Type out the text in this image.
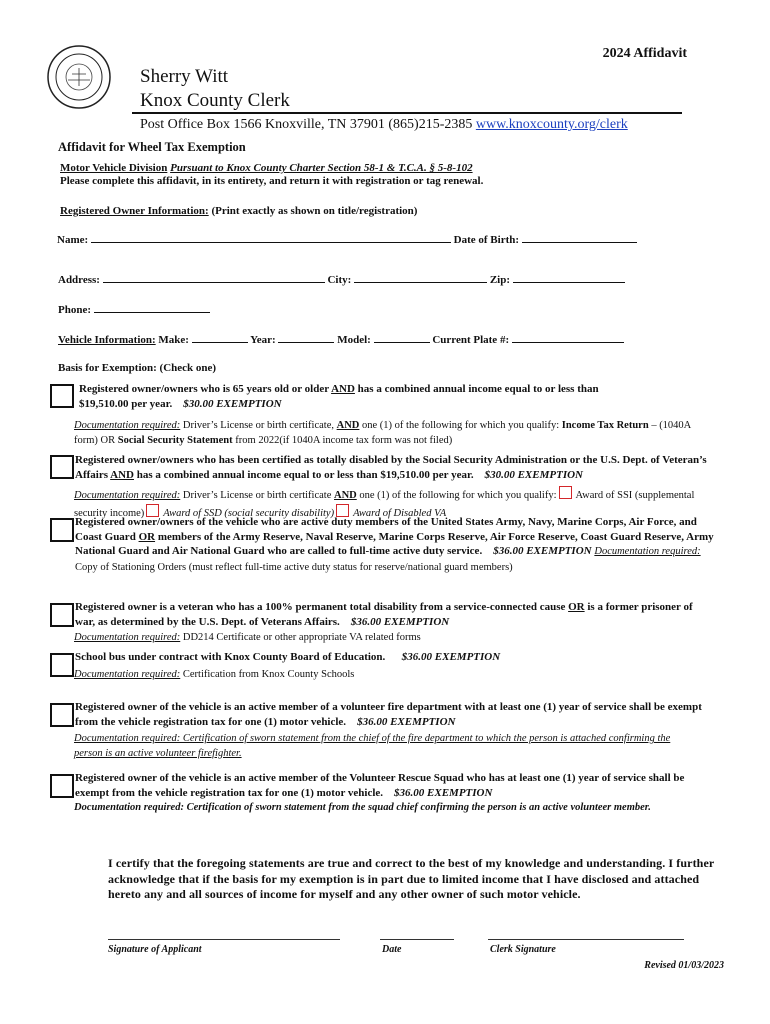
2024 Affidavit
Sherry Witt
Knox County Clerk
Post Office Box 1566 Knoxville, TN 37901 (865)215-2385 www.knoxcounty.org/clerk
Affidavit for Wheel Tax Exemption
Motor Vehicle Division Pursuant to Knox County Charter Section 58-1 & T.C.A. § 5-8-102
Please complete this affidavit, in its entirety, and return it with registration or tag renewal.
Registered Owner Information: (Print exactly as shown on title/registration)
Name:	Date of Birth:
Address:	City:	Zip:
Phone:
Vehicle Information: Make:	Year:	Model:	Current Plate #:
Basis for Exemption: (Check one)
Registered owner/owners who is 65 years old or older AND has a combined annual income equal to or less than
$19,510.00 per year. $30.00 EXEMPTION
Documentation required: Driver’s License or birth certificate, AND one (1) of the following for which you qualify: Income Tax Return – (1040A form) OR Social Security Statement from 2022(if 1040A income tax form was not filed)
Registered owner/owners who has been certified as totally disabled by the Social Security Administration or the U.S. Dept. of Veteran’s Affairs AND has a combined annual income equal to or less than $19,510.00 per year. $30.00 EXEMPTION
Documentation required: Driver’s License or birth certificate AND one (1) of the following for which you qualify: Award of SSI (supplemental security income) Award of SSD (social security disability) Award of Disabled VA
Registered owner/owners of the vehicle who are active duty members of the United States Army, Navy, Marine Corps, Air Force, and Coast Guard OR members of the Army Reserve, Naval Reserve, Marine Corps Reserve, Air Force Reserve, Coast Guard Reserve, Army National Guard and Air National Guard who are called to full-time active duty service. $36.00 EXEMPTION Documentation required: Copy of Stationing Orders (must reflect full-time active duty status for reserve/national guard members)
Registered owner is a veteran who has a 100% permanent total disability from a service-connected cause OR is a former prisoner of war, as determined by the U.S. Dept. of Veterans Affairs. $36.00 EXEMPTION
Documentation required: DD214 Certificate or other appropriate VA related forms
School bus under contract with Knox County Board of Education. $36.00 EXEMPTION
Documentation required: Certification from Knox County Schools
Registered owner of the vehicle is an active member of a volunteer fire department with at least one (1) year of service shall be exempt from the vehicle registration tax for one (1) motor vehicle. $36.00 EXEMPTION
Documentation required: Certification of sworn statement from the chief of the fire department to which the person is attached confirming the person is an active volunteer firefighter.
Registered owner of the vehicle is an active member of the Volunteer Rescue Squad who has at least one (1) year of service shall be exempt from the vehicle registration tax for one (1) motor vehicle. $36.00 EXEMPTION
Documentation required: Certification of sworn statement from the squad chief confirming the person is an active volunteer member.
I certify that the foregoing statements are true and correct to the best of my knowledge and understanding. I further acknowledge that if the basis for my exemption is in part due to limited income that I have disclosed and attached hereto any and all sources of income for myself and any other owner of such motor vehicle.
Signature of Applicant	Date	Clerk Signature
Revised 01/03/2023
